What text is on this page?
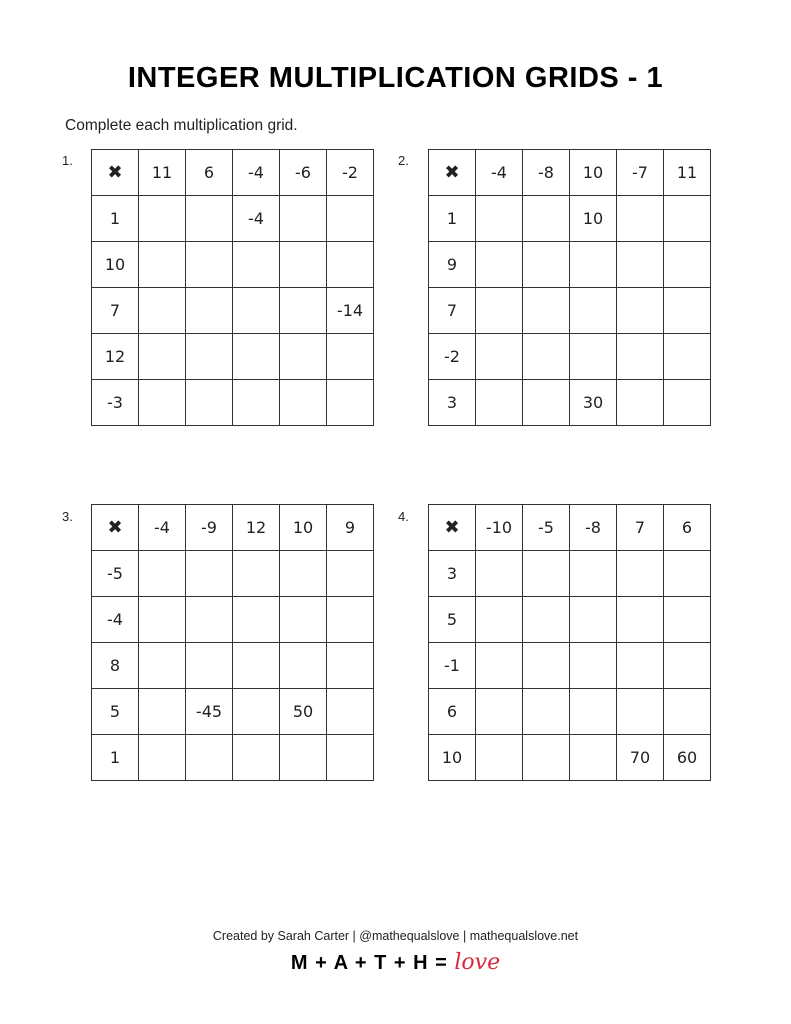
INTEGER MULTIPLICATION GRIDS - 1
Complete each multiplication grid.
1.
✖	11	6	-4	-6	-2
1			-4		
10					
7					-14
12					
-3					
2.
✖	-4	-8	10	-7	11
1			10		
9					
7					
-2					
3			30		
3.
✖	-4	-9	12	10	9
-5					
-4					
8					
5		-45		50	
1					
4.
✖	-10	-5	-8	7	6
3					
5					
-1					
6					
10				70	60
Created by Sarah Carter | @mathequalslove | mathequalslove.net
M + A + T + H = love
